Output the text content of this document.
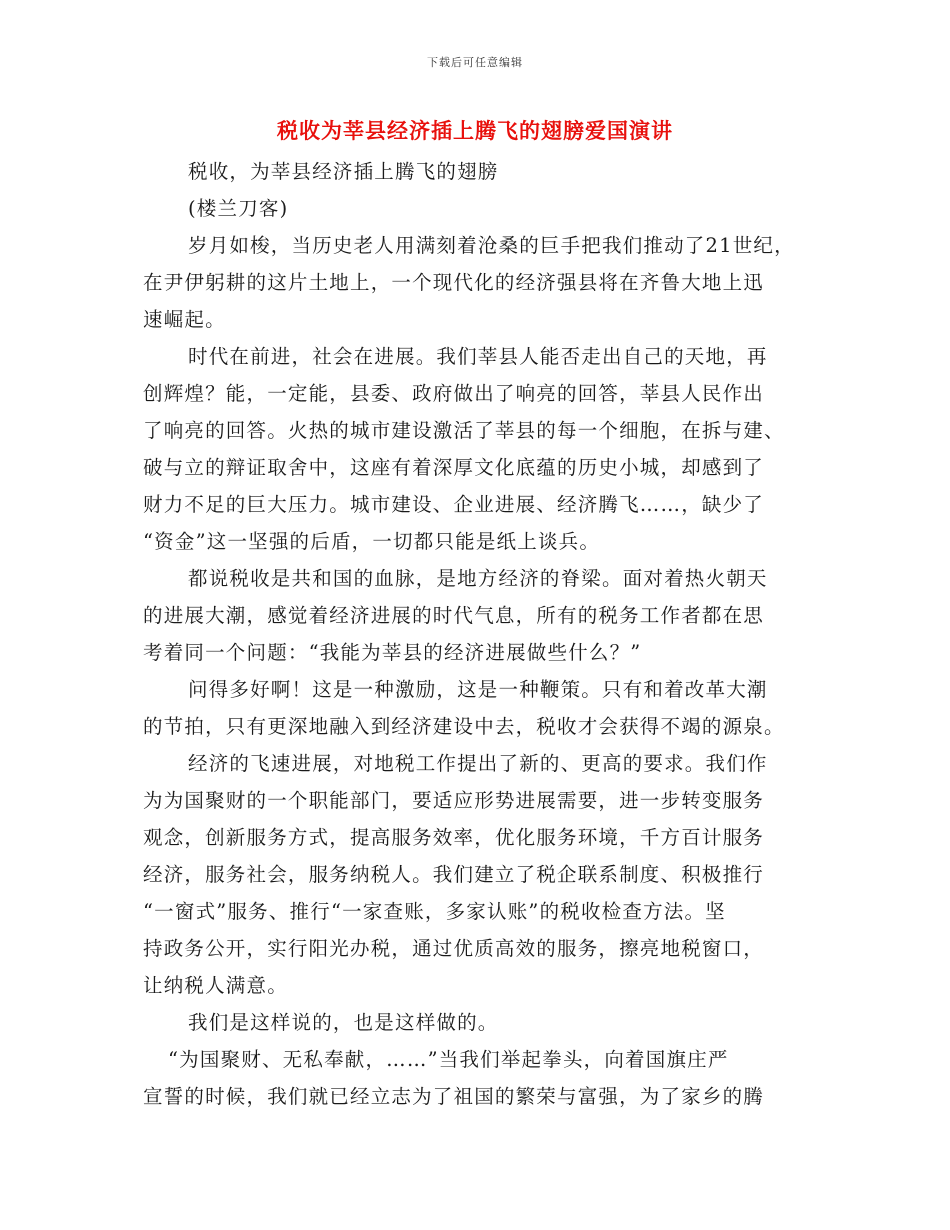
下载后可任意编辑
税收为莘县经济插上腾飞的翅膀爱国演讲
税收，为莘县经济插上腾飞的翅膀
(楼兰刀客)
岁月如梭，当历史老人用满刻着沧桑的巨手把我们推动了21世纪，
在尹伊躬耕的这片土地上，一个现代化的经济强县将在齐鲁大地上迅
速崛起。
时代在前进，社会在进展。我们莘县人能否走出自己的天地，再
创辉煌？能，一定能，县委、政府做出了响亮的回答，莘县人民作出
了响亮的回答。火热的城市建设激活了莘县的每一个细胞，在拆与建、
破与立的辩证取舍中，这座有着深厚文化底蕴的历史小城，却感到了
财力不足的巨大压力。城市建设、企业进展、经济腾飞……，缺少了
“资金”这一坚强的后盾，一切都只能是纸上谈兵。
都说税收是共和国的血脉，是地方经济的脊梁。面对着热火朝天
的进展大潮，感觉着经济进展的时代气息，所有的税务工作者都在思
考着同一个问题：“我能为莘县的经济进展做些什么？”
问得多好啊！这是一种激励，这是一种鞭策。只有和着改革大潮
的节拍，只有更深地融入到经济建设中去，税收才会获得不竭的源泉。
经济的飞速进展，对地税工作提出了新的、更高的要求。我们作
为为国聚财的一个职能部门，要适应形势进展需要，进一步转变服务
观念，创新服务方式，提高服务效率，优化服务环境，千方百计服务
经济，服务社会，服务纳税人。我们建立了税企联系制度、积极推行
“一窗式”服务、推行“一家查账，多家认账”的税收检查方法。坚
持政务公开，实行阳光办税，通过优质高效的服务，擦亮地税窗口，
让纳税人满意。
我们是这样说的，也是这样做的。
“为国聚财、无私奉献，……”当我们举起拳头，向着国旗庄严
宣誓的时候，我们就已经立志为了祖国的繁荣与富强，为了家乡的腾
